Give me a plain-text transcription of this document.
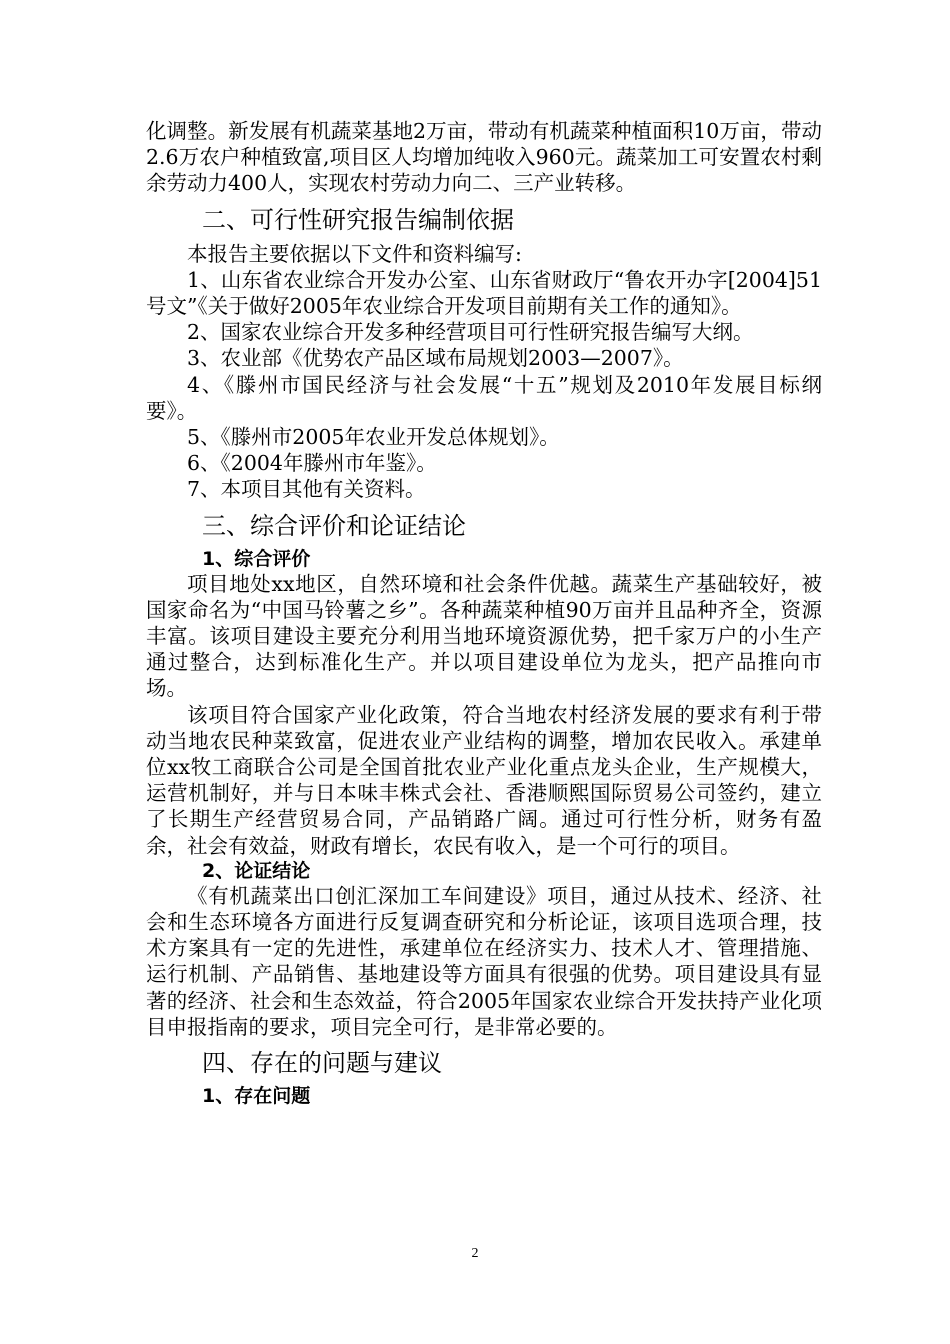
化调整。新发展有机蔬菜基地2万亩，带动有机蔬菜种植面积10万亩，带动2.6万农户种植致富,项目区人均增加纯收入960元。蔬菜加工可安置农村剩余劳动力400人，实现农村劳动力向二、三产业转移。

二、可行性研究报告编制依据

本报告主要依据以下文件和资料编写:

1、山东省农业综合开发办公室、山东省财政厅“鲁农开办字[2004]51号文”《关于做好2005年农业综合开发项目前期有关工作的通知》。

2、国家农业综合开发多种经营项目可行性研究报告编写大纲。

3、农业部《优势农产品区域布局规划2003—2007》。

4、《滕州市国民经济与社会发展“十五”规划及2010年发展目标纲要》。

5、《滕州市2005年农业开发总体规划》。

6、《2004年滕州市年鉴》。

7、本项目其他有关资料。

三、综合评价和论证结论
1、综合评价

项目地处xx地区，自然环境和社会条件优越。蔬菜生产基础较好，被国家命名为“中国马铃薯之乡”。各种蔬菜种植90万亩并且品种齐全，资源丰富。该项目建设主要充分利用当地环境资源优势，把千家万户的小生产通过整合，达到标准化生产。并以项目建设单位为龙头，把产品推向市场。

该项目符合国家产业化政策，符合当地农村经济发展的要求有利于带动当地农民种菜致富，促进农业产业结构的调整，增加农民收入。承建单位xx牧工商联合公司是全国首批农业产业化重点龙头企业，生产规模大，运营机制好，并与日本味丰株式会社、香港顺熙国际贸易公司签约，建立了长期生产经营贸易合同，产品销路广阔。通过可行性分析，财务有盈余，社会有效益，财政有增长，农民有收入，是一个可行的项目。

2、论证结论

《有机蔬菜出口创汇深加工车间建设》项目，通过从技术、经济、社会和生态环境各方面进行反复调查研究和分析论证，该项目选项合理，技术方案具有一定的先进性，承建单位在经济实力、技术人才、管理措施、运行机制、产品销售、基地建设等方面具有很强的优势。项目建设具有显著的经济、社会和生态效益，符合2005年国家农业综合开发扶持产业化项目申报指南的要求，项目完全可行，是非常必要的。

四、存在的问题与建议
1、存在问题
2
